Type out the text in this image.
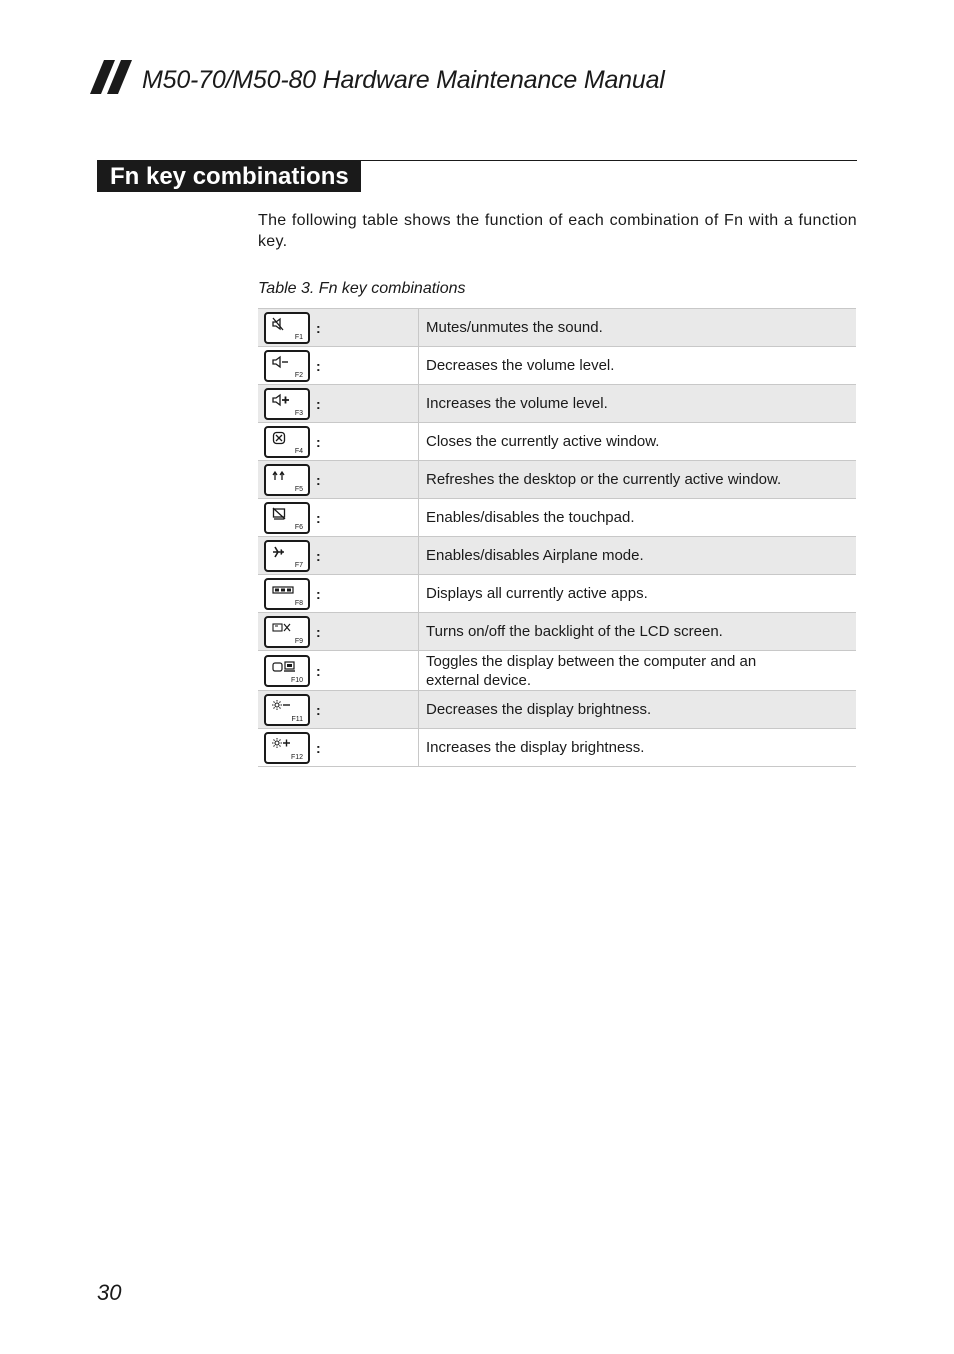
M50-70/M50-80 Hardware Maintenance Manual
Fn key combinations
The following table shows the function of each combination of Fn with a function key.
Table 3. Fn key combinations
F1
:	Mutes/unmutes the sound.

F2
:	Decreases the volume level.

F3
:	Increases the volume level.

F4
:	Closes the currently active window.

F5
:	Refreshes the desktop or the currently active window.

F6
:	Enables/disables the touchpad.

F7
:	Enables/disables Airplane mode.

F8
:	Displays all currently active apps.

F9
:	Turns on/off the backlight of the LCD screen.

F10
:	Toggles the display between the computer and an external device.

F11
:	Decreases the display brightness.

F12
:	Increases the display brightness.
30
